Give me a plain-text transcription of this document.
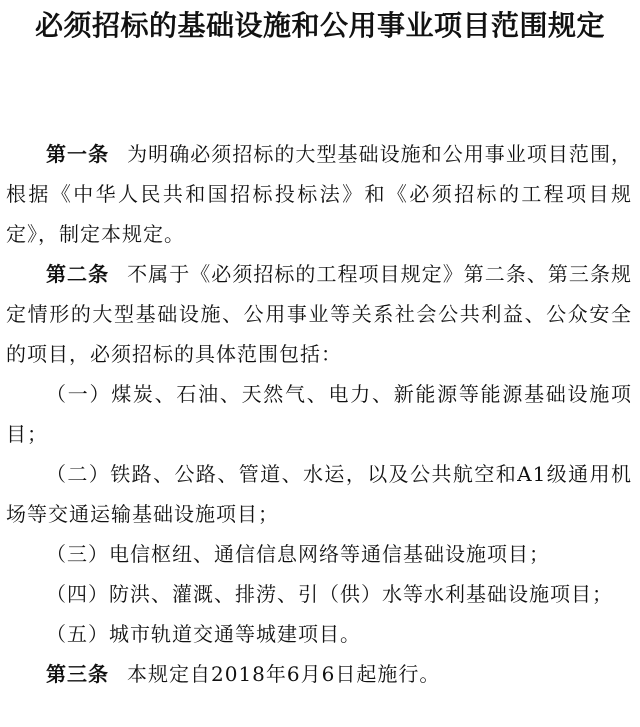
必须招标的基础设施和公用事业项目范围规定

第一条 为明确必须招标的大型基础设施和公用事业项目范围，根据《中华人民共和国招标投标法》和《必须招标的工程项目规定》，制定本规定。

第二条 不属于《必须招标的工程项目规定》第二条、第三条规定情形的大型基础设施、公用事业等关系社会公共利益、公众安全的项目，必须招标的具体范围包括：

（一）煤炭、石油、天然气、电力、新能源等能源基础设施项目；

（二）铁路、公路、管道、水运，以及公共航空和A1级通用机场等交通运输基础设施项目；

（三）电信枢纽、通信信息网络等通信基础设施项目；

（四）防洪、灌溉、排涝、引（供）水等水利基础设施项目；

（五）城市轨道交通等城建项目。

第三条 本规定自2018年6月6日起施行。
